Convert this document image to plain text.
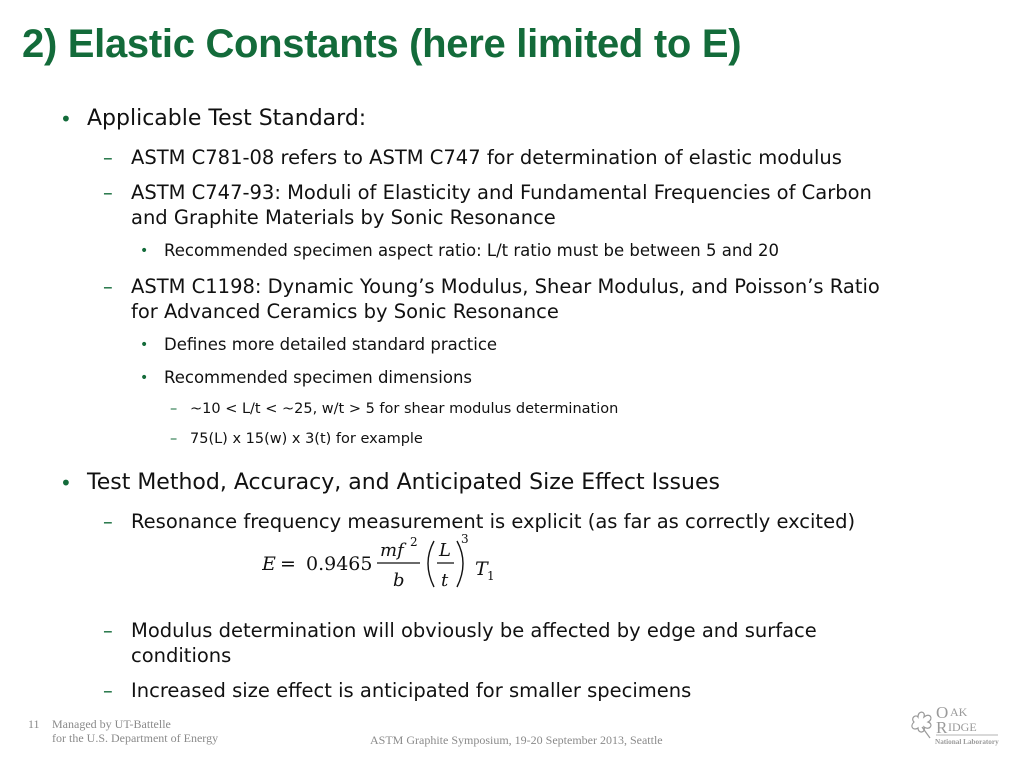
2) Elastic Constants (here limited to E)
• Applicable Test Standard:
– ASTM C781-08 refers to ASTM C747 for determination of elastic modulus
– ASTM C747-93: Moduli of Elasticity and Fundamental Frequencies of Carbon
and Graphite Materials by Sonic Resonance
• Recommended specimen aspect ratio: L/t ratio must be between 5 and 20
– ASTM C1198: Dynamic Young’s Modulus, Shear Modulus, and Poisson’s Ratio
for Advanced Ceramics by Sonic Resonance
• Defines more detailed standard practice
• Recommended specimen dimensions
– ~10 < L/t < ~25, w/t > 5 for shear modulus determination
– 75(L) x 15(w) x 3(t) for example
• Test Method, Accuracy, and Anticipated Size Effect Issues
– Resonance frequency measurement is explicit (as far as correctly excited)
E = 0.9465
mf 2
b
L
t
3
T 1
– Modulus determination will obviously be affected by edge and surface
conditions
– Increased size effect is anticipated for smaller specimens
11 Managed by UT-Battelle
for the U.S. Department of Energy	ASTM Graphite Symposium, 19-20 September 2013, Seattle
O AK
R IDGE
National Laboratory
